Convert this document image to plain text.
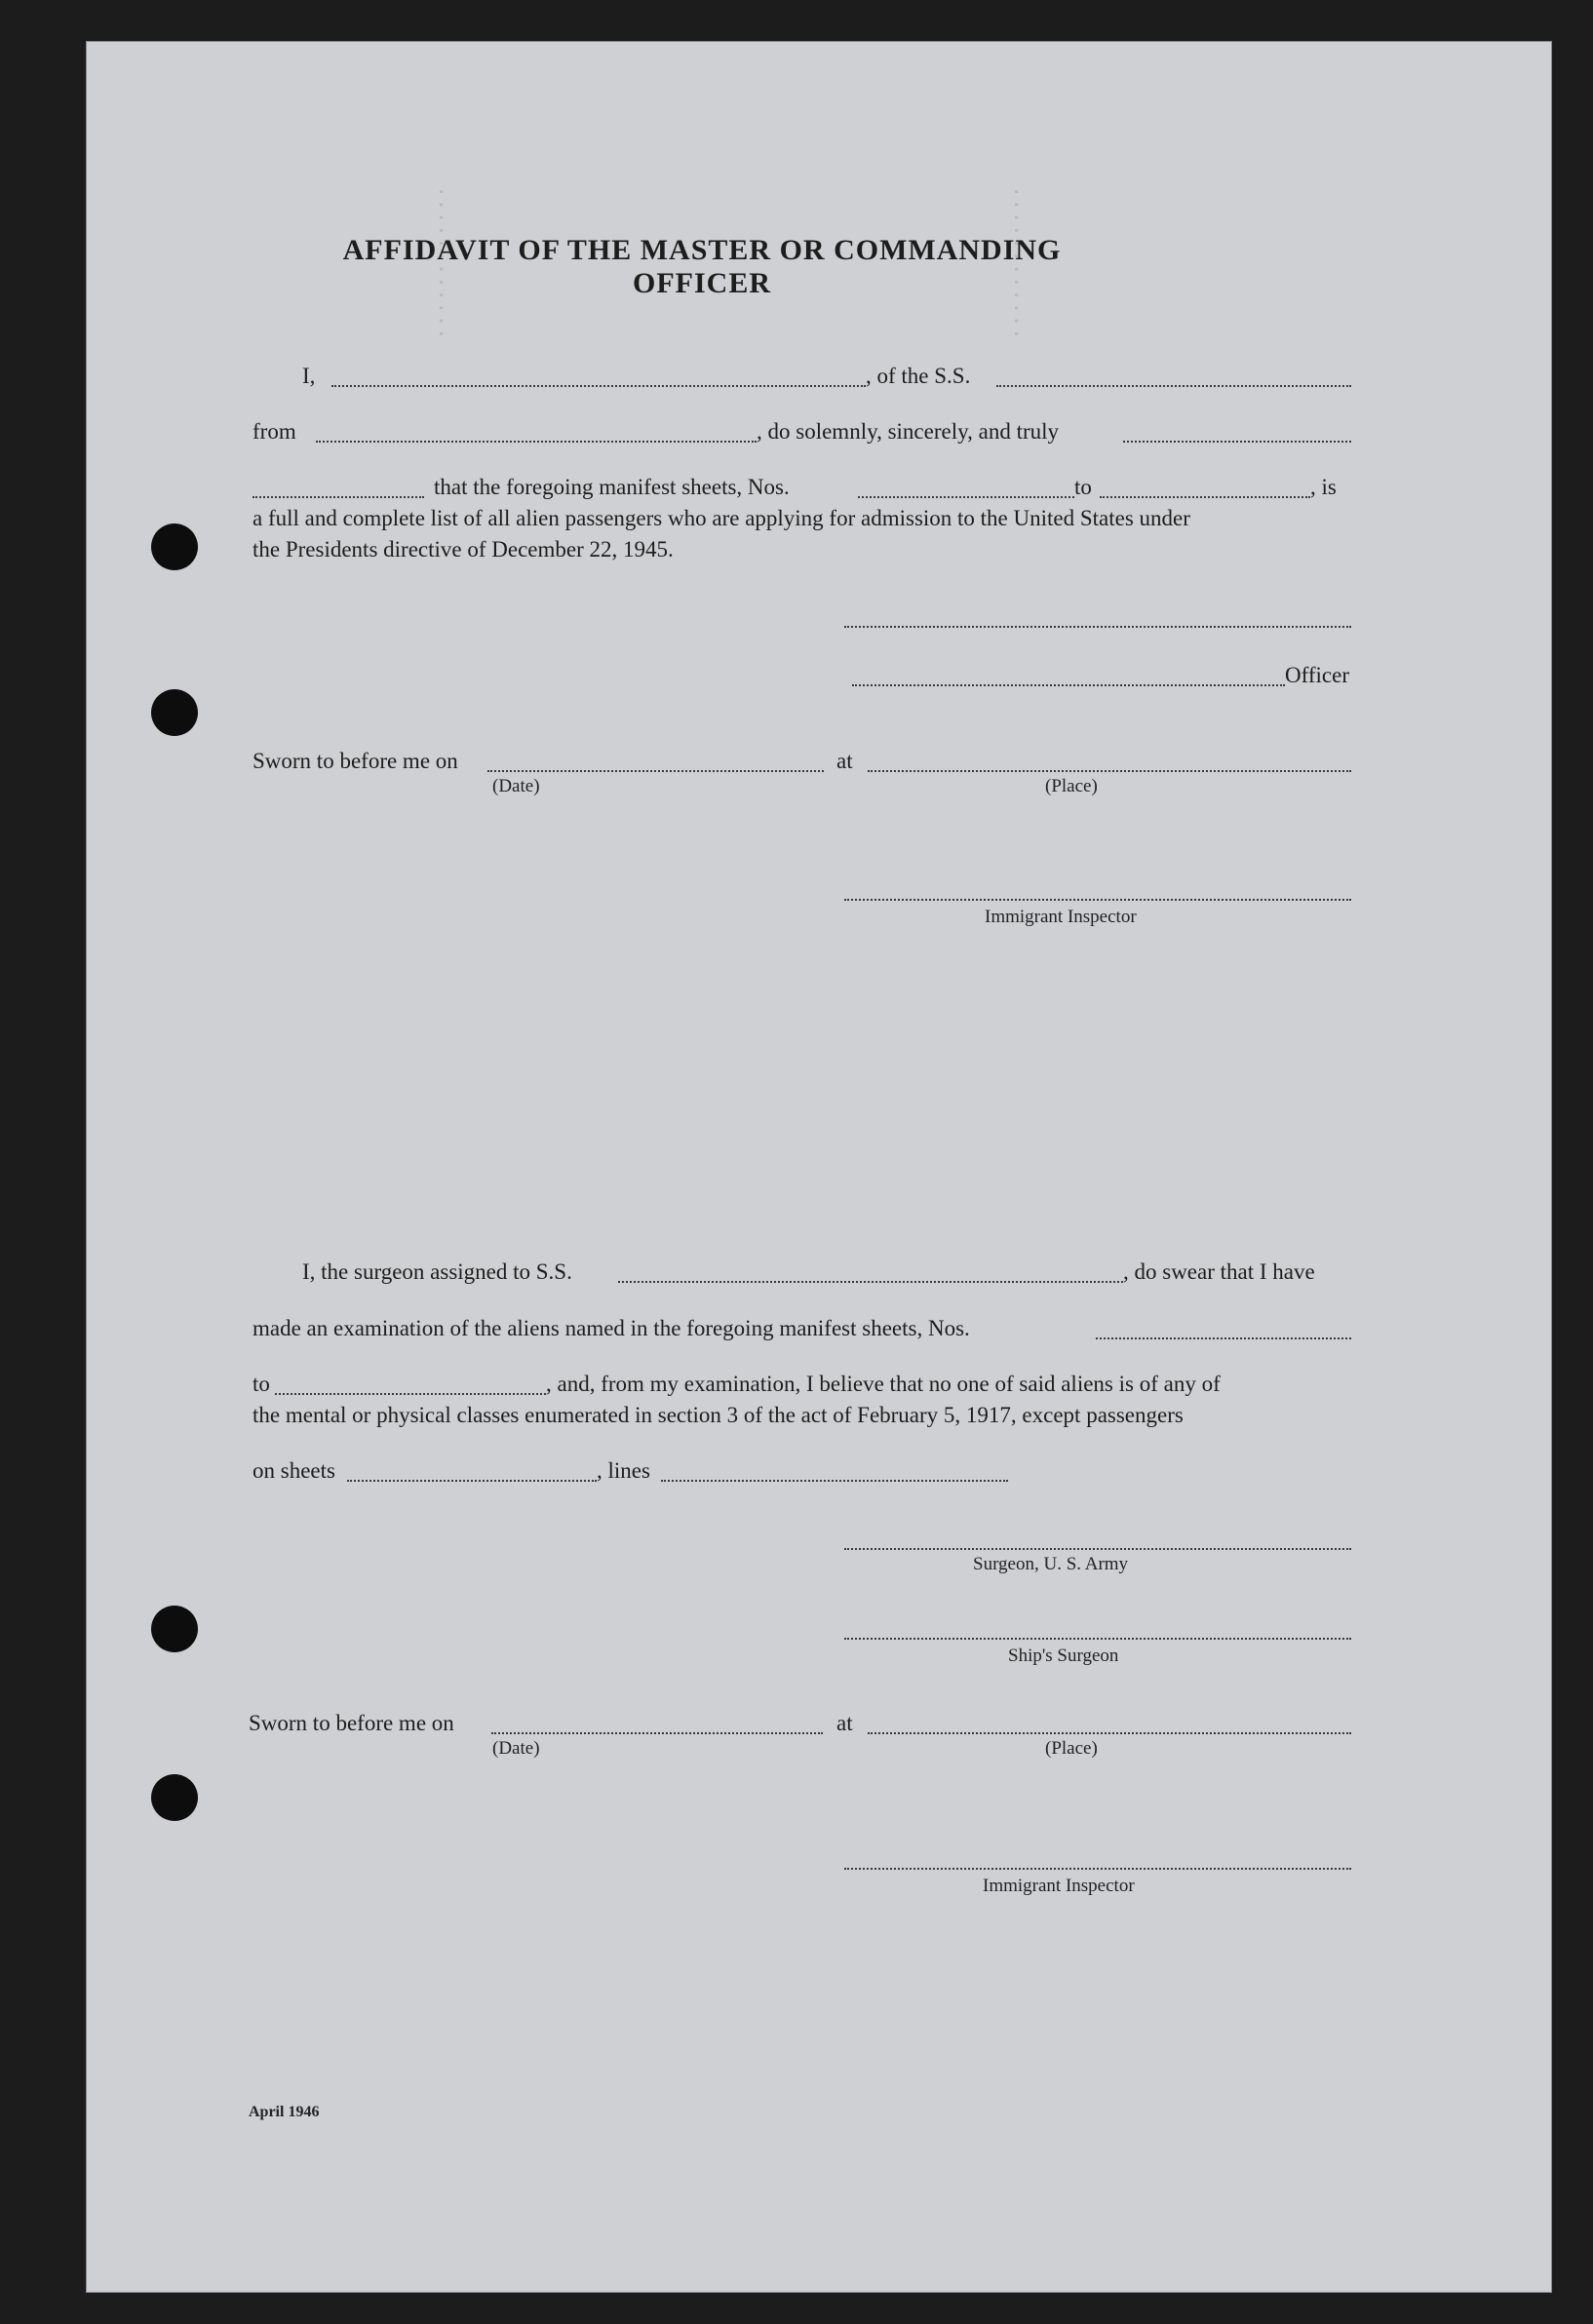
............	............
AFFIDAVIT OF THE MASTER OR COMMANDING OFFICER
I,	, of the S.S.
from	, do solemnly, sincerely, and truly
that the foregoing manifest sheets, Nos.	to	, is
a full and complete list of all alien passengers who are applying for admission to the United States under
the Presidents directive of December 22, 1945.
Officer
Sworn to before me on	at
(Date)	(Place)
Immigrant Inspector
I, the surgeon assigned to S.S.	, do swear that I have
made an examination of the aliens named in the foregoing manifest sheets, Nos.
to	, and, from my examination, I believe that no one of said aliens is of any of
the mental or physical classes enumerated in section 3 of the act of February 5, 1917, except passengers
on sheets	, lines
Surgeon, U. S. Army
Ship's Surgeon
Sworn to before me on	at
(Date)	(Place)
Immigrant Inspector
April 1946
